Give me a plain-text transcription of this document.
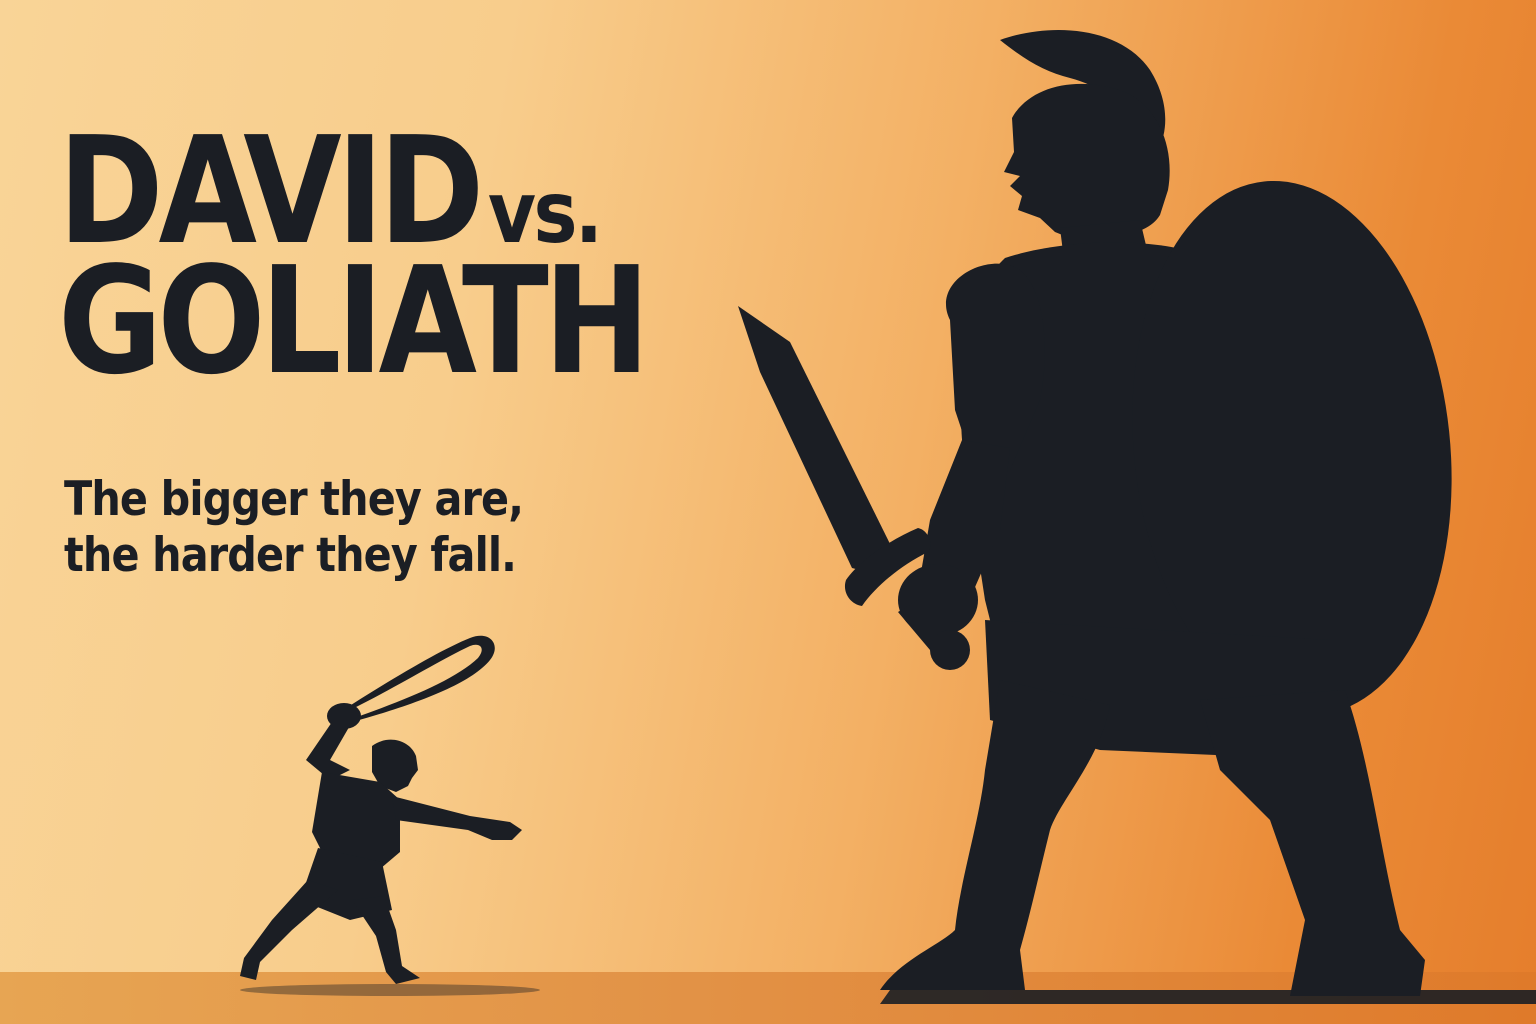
DAVIDvs.
GOLIATH

The bigger they are,
the harder they fall.
